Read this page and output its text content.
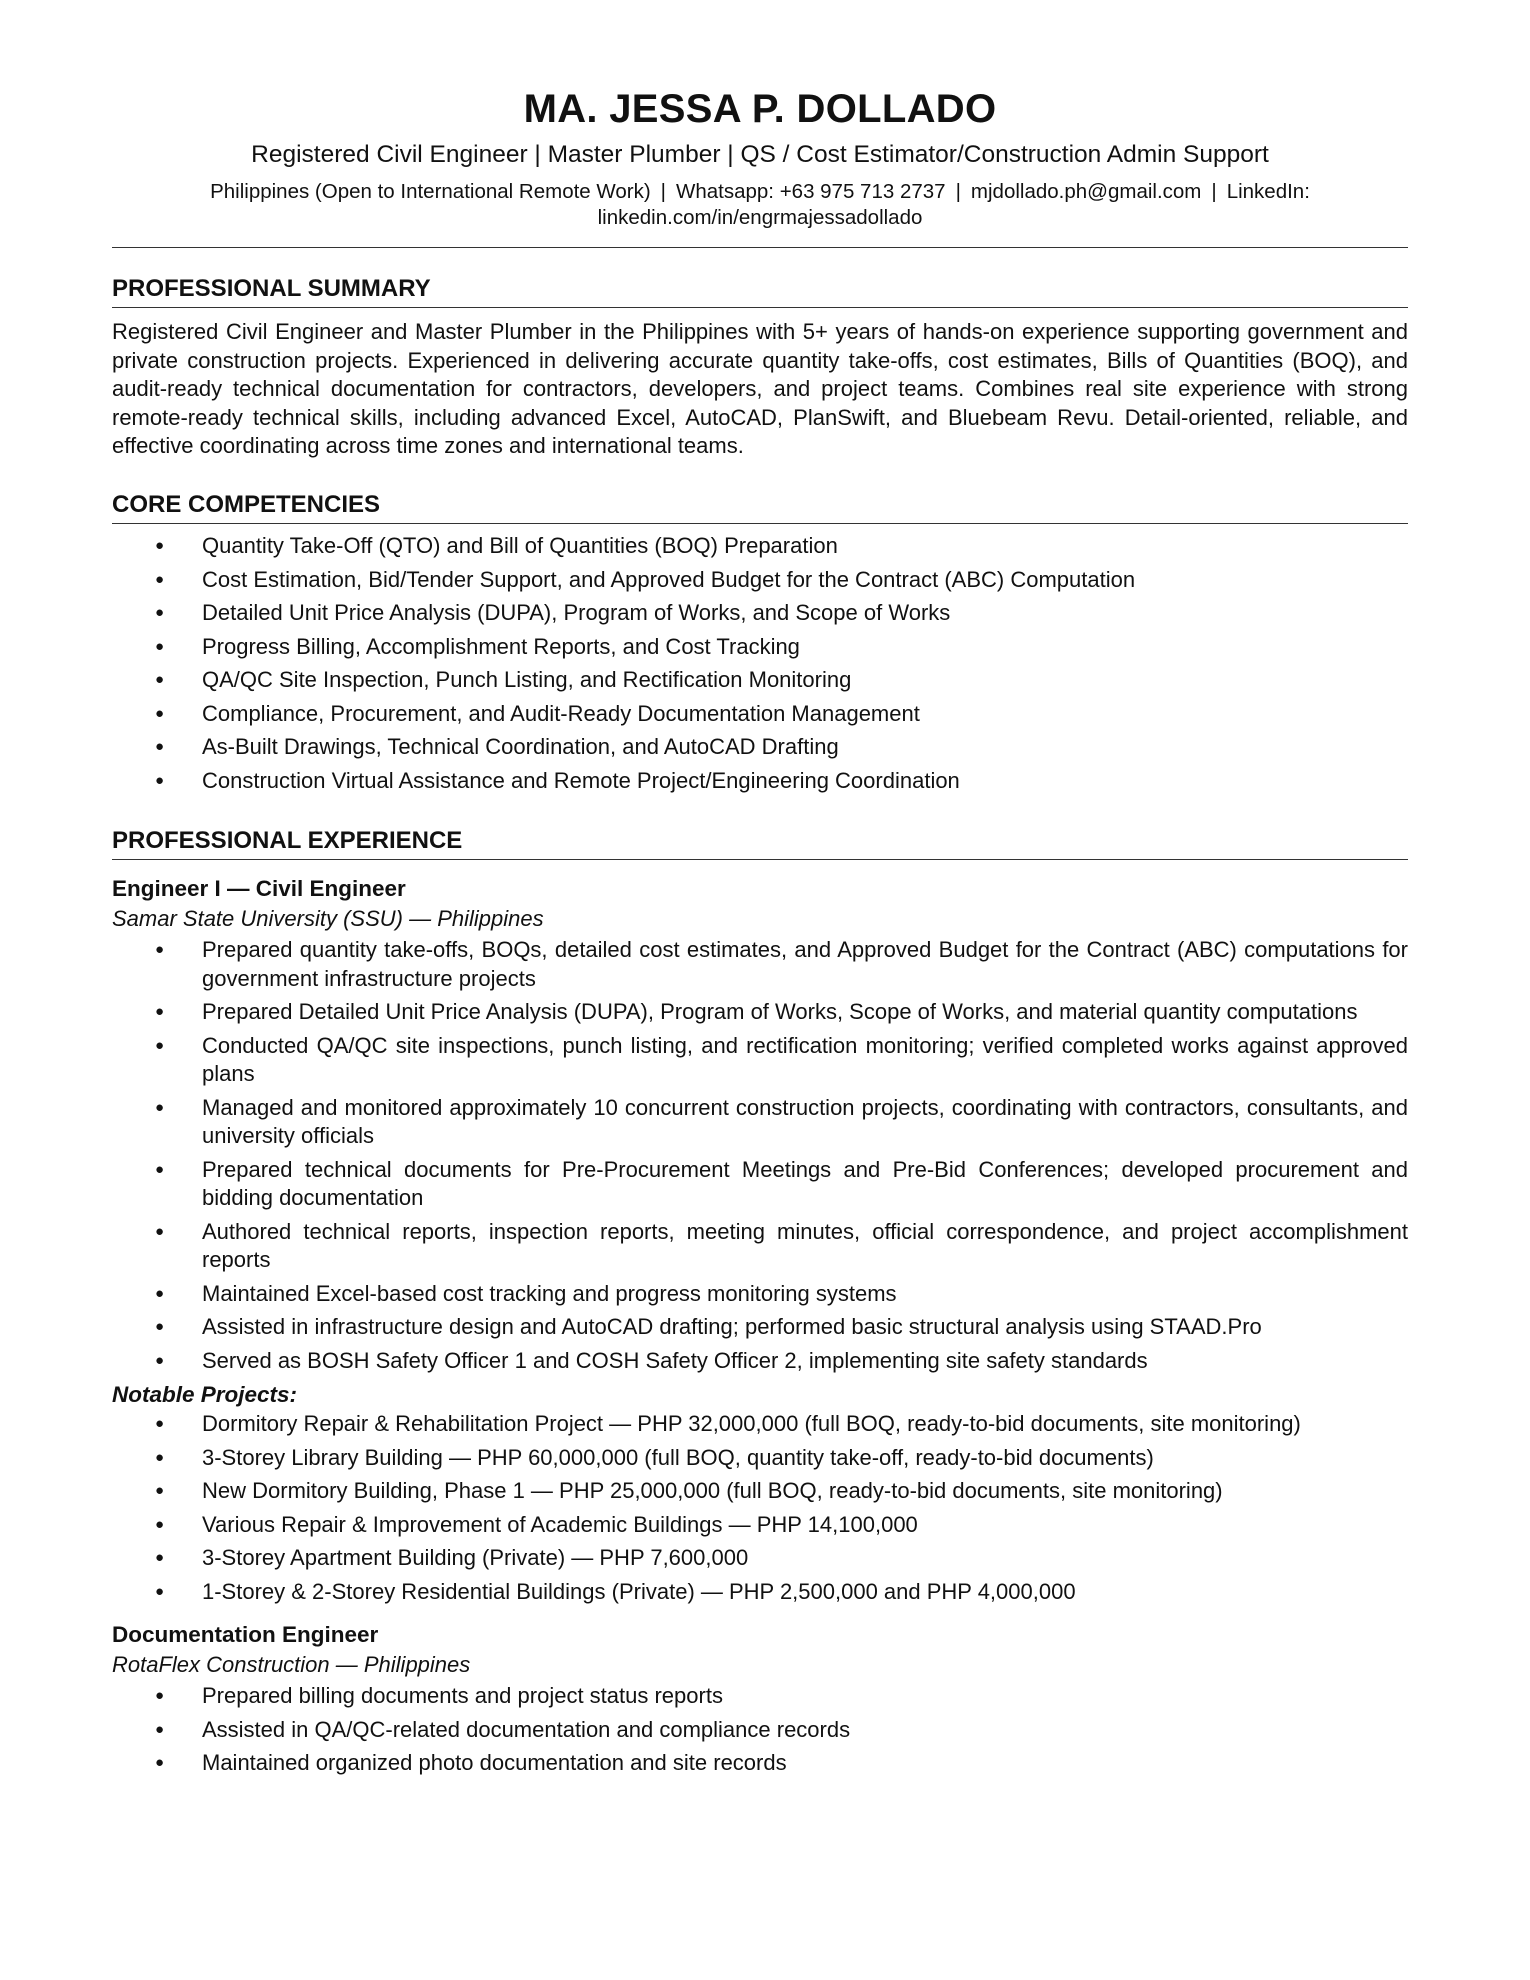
MA. JESSA P. DOLLADO
Registered Civil Engineer | Master Plumber | QS / Cost Estimator/Construction Admin Support
Philippines (Open to International Remote Work) | Whatsapp: +63 975 713 2737 | mjdollado.ph@gmail.com | LinkedIn:
linkedin.com/in/engrmajessadollado
PROFESSIONAL SUMMARY
Registered Civil Engineer and Master Plumber in the Philippines with 5+ years of hands-on experience supporting government and private construction projects. Experienced in delivering accurate quantity take-offs, cost estimates, Bills of Quantities (BOQ), and audit-ready technical documentation for contractors, developers, and project teams. Combines real site experience with strong remote-ready technical skills, including advanced Excel, AutoCAD, PlanSwift, and Bluebeam Revu. Detail-oriented, reliable, and effective coordinating across time zones and international teams.
CORE COMPETENCIES
● Quantity Take-Off (QTO) and Bill of Quantities (BOQ) Preparation
● Cost Estimation, Bid/Tender Support, and Approved Budget for the Contract (ABC) Computation
● Detailed Unit Price Analysis (DUPA), Program of Works, and Scope of Works
● Progress Billing, Accomplishment Reports, and Cost Tracking
● QA/QC Site Inspection, Punch Listing, and Rectification Monitoring
● Compliance, Procurement, and Audit-Ready Documentation Management
● As-Built Drawings, Technical Coordination, and AutoCAD Drafting
● Construction Virtual Assistance and Remote Project/Engineering Coordination
PROFESSIONAL EXPERIENCE
Engineer I — Civil Engineer
Samar State University (SSU) — Philippines
● Prepared quantity take-offs, BOQs, detailed cost estimates, and Approved Budget for the Contract (ABC) computations for government infrastructure projects
● Prepared Detailed Unit Price Analysis (DUPA), Program of Works, Scope of Works, and material quantity computations
● Conducted QA/QC site inspections, punch listing, and rectification monitoring; verified completed works against approved plans
● Managed and monitored approximately 10 concurrent construction projects, coordinating with contractors, consultants, and university officials
● Prepared technical documents for Pre-Procurement Meetings and Pre-Bid Conferences; developed procurement and bidding documentation
● Authored technical reports, inspection reports, meeting minutes, official correspondence, and project accomplishment reports
● Maintained Excel-based cost tracking and progress monitoring systems
● Assisted in infrastructure design and AutoCAD drafting; performed basic structural analysis using STAAD.Pro
● Served as BOSH Safety Officer 1 and COSH Safety Officer 2, implementing site safety standards
Notable Projects:
● Dormitory Repair & Rehabilitation Project — PHP 32,000,000 (full BOQ, ready-to-bid documents, site monitoring)
● 3-Storey Library Building — PHP 60,000,000 (full BOQ, quantity take-off, ready-to-bid documents)
● New Dormitory Building, Phase 1 — PHP 25,000,000 (full BOQ, ready-to-bid documents, site monitoring)
● Various Repair & Improvement of Academic Buildings — PHP 14,100,000
● 3-Storey Apartment Building (Private) — PHP 7,600,000
● 1-Storey & 2-Storey Residential Buildings (Private) — PHP 2,500,000 and PHP 4,000,000
Documentation Engineer
RotaFlex Construction — Philippines
● Prepared billing documents and project status reports
● Assisted in QA/QC-related documentation and compliance records
● Maintained organized photo documentation and site records
